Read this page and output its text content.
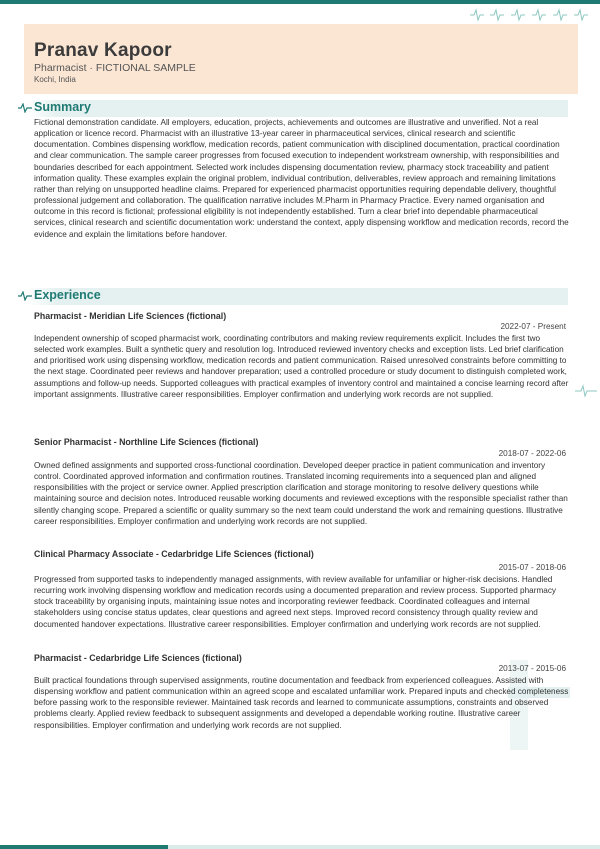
Pranav Kapoor
Pharmacist · FICTIONAL SAMPLE
Kochi, India
Summary

Fictional demonstration candidate. All employers, education, projects, achievements and outcomes are illustrative and unverified. Not a real application or licence record. Pharmacist with an illustrative 13-year career in pharmaceutical services, clinical research and scientific documentation. Combines dispensing workflow, medication records, patient communication with disciplined documentation, practical coordination and clear communication. The sample career progresses from focused execution to independent workstream ownership, with responsibilities and boundaries described for each appointment. Selected work includes dispensing documentation review, pharmacy stock traceability and patient information quality. These examples explain the original problem, individual contribution, deliverables, review approach and remaining limitations rather than relying on unsupported headline claims. Prepared for experienced pharmacist opportunities requiring dependable delivery, thoughtful professional judgement and collaboration. The qualification narrative includes M.Pharm in Pharmacy Practice. Every named organisation and outcome in this record is fictional; professional eligibility is not independently established. Turn a clear brief into dependable pharmaceutical services, clinical research and scientific documentation work: understand the context, apply dispensing workflow and medication records, record the evidence and explain the limitations before handover.

Experience
Pharmacist - Meridian Life Sciences (fictional)
2022-07 - Present

Independent ownership of scoped pharmacist work, coordinating contributors and making review requirements explicit. Includes the first two selected work examples. Built a synthetic query and resolution log. Introduced reviewed inventory checks and exception lists. Led brief clarification and prioritised work using dispensing workflow, medication records and patient communication. Raised unresolved constraints before committing to the next stage. Coordinated peer reviews and handover preparation; used a controlled procedure or study document to distinguish completed work, assumptions and follow-up needs. Supported colleagues with practical examples of inventory control and maintained a concise learning record after important assignments. Illustrative career responsibilities. Employer confirmation and underlying work records are not supplied.

Senior Pharmacist - Northline Life Sciences (fictional)
2018-07 - 2022-06

Owned defined assignments and supported cross-functional coordination. Developed deeper practice in patient communication and inventory control. Coordinated approved information and confirmation routines. Translated incoming requirements into a sequenced plan and aligned responsibilities with the project or service owner. Applied prescription clarification and storage monitoring to resolve delivery questions while maintaining source and decision notes. Introduced reusable working documents and reviewed exceptions with the responsible specialist rather than silently changing scope. Prepared a scientific or quality summary so the next team could understand the work and remaining questions. Illustrative career responsibilities. Employer confirmation and underlying work records are not supplied.

Clinical Pharmacy Associate - Cedarbridge Life Sciences (fictional)
2015-07 - 2018-06

Progressed from supported tasks to independently managed assignments, with review available for unfamiliar or higher-risk decisions. Handled recurring work involving dispensing workflow and medication records using a documented preparation and review process. Supported pharmacy stock traceability by organising inputs, maintaining issue notes and incorporating reviewer feedback. Coordinated colleagues and internal stakeholders using concise status updates, clear questions and agreed next steps. Improved record consistency through quality review and documented handover expectations. Illustrative career responsibilities. Employer confirmation and underlying work records are not supplied.

Pharmacist - Cedarbridge Life Sciences (fictional)
2013-07 - 2015-06

Built practical foundations through supervised assignments, routine documentation and feedback from experienced colleagues. Assisted with dispensing workflow and patient communication within an agreed scope and escalated unfamiliar work. Prepared inputs and checked completeness before passing work to the responsible reviewer. Maintained task records and learned to communicate assumptions, constraints and observed problems clearly. Applied review feedback to subsequent assignments and developed a dependable working routine. Illustrative career responsibilities. Employer confirmation and underlying work records are not supplied.
